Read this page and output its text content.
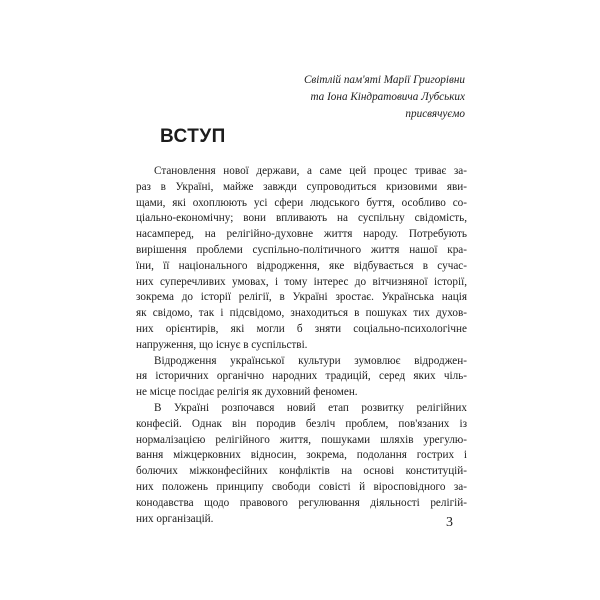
Світлій пам'яті Марії Григорівни
та Іона Кіндратовича Лубських
присвячуємо
ВСТУП

Становлення нової держави, а саме цей процес триває за-
раз в Україні, майже завжди супроводиться кризовими яви-
щами, які охоплюють усі сфери людського буття, особливо со-
ціально-економічну; вони впливають на суспільну свідомість,
насамперед, на релігійно-духовне життя народу. Потребують
вирішення проблеми суспільно-політичного життя нашої кра-
їни, її національного відродження, яке відбувається в сучас-
них суперечливих умовах, і тому інтерес до вітчизняної історії,
зокрема до історії релігії, в Україні зростає. Українська нація
як свідомо, так і підсвідомо, знаходиться в пошуках тих духов-
них орієнтирів, які могли б зняти соціально-психологічне
напруження, що існує в суспільстві.

Відродження української культури зумовлює відроджен-
ня історичних органічно народних традицій, серед яких чіль-
не місце посідає релігія як духовний феномен.

В Україні розпочався новий етап розвитку релігійних
конфесій. Однак він породив безліч проблем, пов'язаних із
нормалізацією релігійного життя, пошуками шляхів урегулю-
вання міжцерковних відносин, зокрема, подолання гострих і
болючих міжконфесійних конфліктів на основі конституцій-
них положень принципу свободи совісті й віросповідного за-
конодавства щодо правового регулювання діяльності релігій-
них організацій.	3
